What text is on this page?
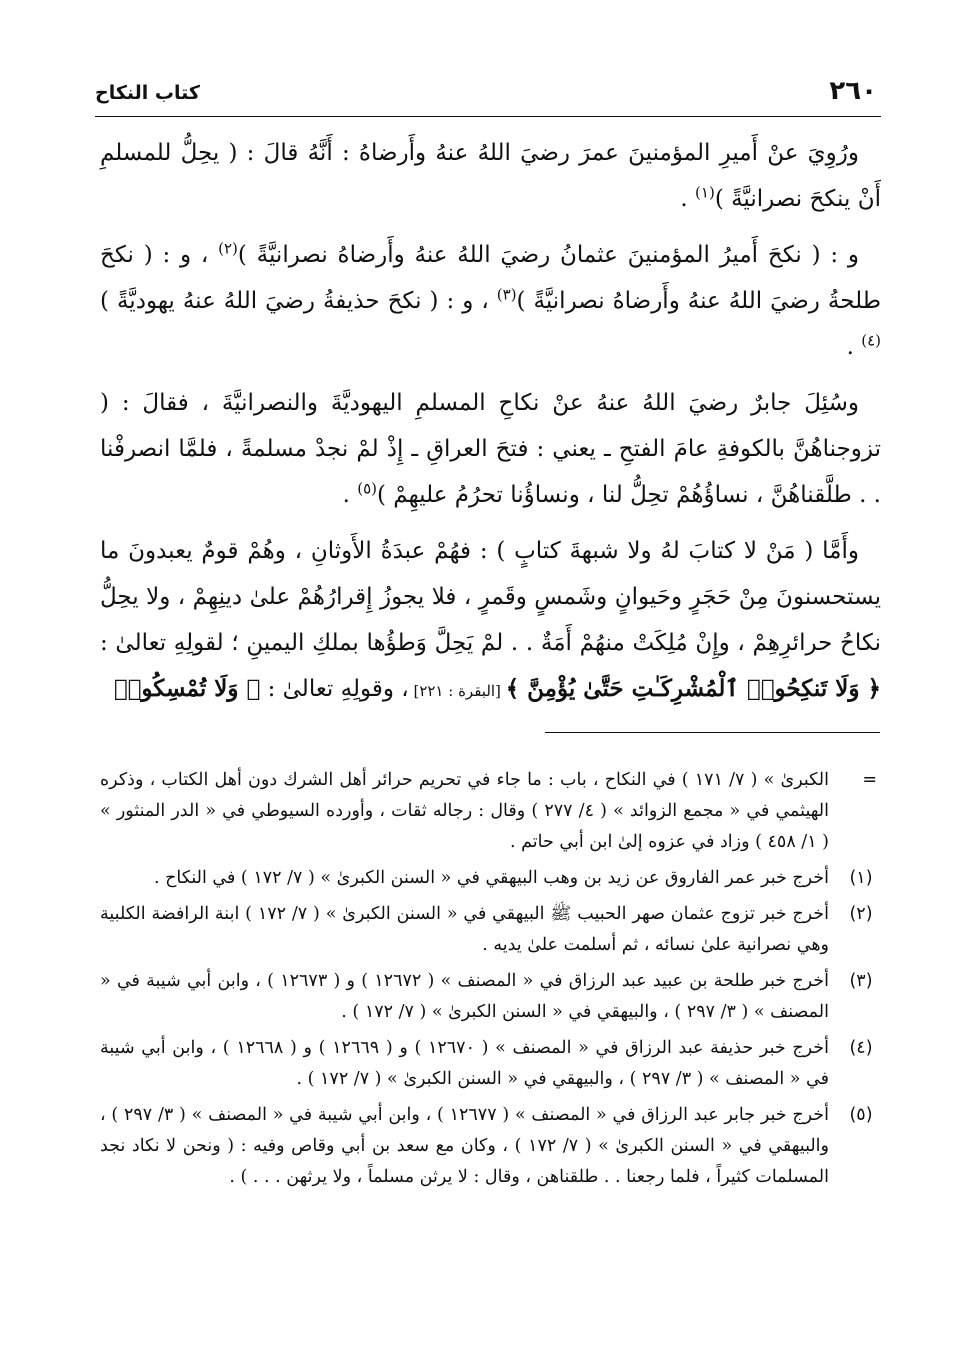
٢٦٠
كتاب النكاح

ورُوِيَ عنْ أَميرِ المؤمنينَ عمرَ رضيَ اللهُ عنهُ وأَرضاهُ : أَنَّهُ قالَ : ( يحِلُّ للمسلمِ أَنْ ينكحَ نصرانيَّةً )$^{(١)}$ .

و : ( نكحَ أَميرُ المؤمنينَ عثمانُ رضيَ اللهُ عنهُ وأَرضاهُ نصرانيَّةً )$^{(٢)}$ ، و : ( نكحَ طلحةُ رضيَ اللهُ عنهُ وأَرضاهُ نصرانيَّةً )$^{(٣)}$ ، و : ( نكحَ حذيفةُ رضيَ اللهُ عنهُ يهوديَّةً )$^{(٤)}$ .

وسُئِلَ جابرٌ رضيَ اللهُ عنهُ عنْ نكاحِ المسلمِ اليهوديَّةَ والنصرانيَّةَ ، فقالَ : ( تزوجناهُنَّ بالكوفةِ عامَ الفتحِ ـ يعني : فتحَ العراقِ ـ إِذْ لمْ نجدْ مسلمةً ، فلمَّا انصرفْنا . . طلَّقناهُنَّ ، نساؤُهُمْ تحِلُّ لنا ، ونساؤُنا تحرُمُ عليهِمْ )$^{(٥)}$ .

وأَمَّا ( مَنْ لا كتابَ لهُ ولا شبهةَ كتابٍ ) : فهُمْ عبدَةُ الأَوثانِ ، وهُمْ قومٌ يعبدونَ ما يستحسنونَ مِنْ حَجَرٍ وحَيوانٍ وشَمسٍ وقَمرٍ ، فلا يجوزُ إِقرارُهُمْ علىٰ دينِهِمْ ، ولا يحِلُّ نكاحُ حرائرِهِمْ ، وإِنْ مُلِكَتْ منهُمْ أَمَةٌ . . لمْ يَحِلَّ وَطؤُها بملكِ اليمينِ ؛ لقولِهِ تعالىٰ : ﴿ وَلَا تَنكِحُوا۟ ٱلْمُشْرِكَـٰتِ حَتَّىٰ يُؤْمِنَّ ﴾ [البقرة : ٢٢١] ، وقولِهِ تعالىٰ : ﴿ وَلَا تُمْسِكُوا۟

=
الكبرىٰ » ( ٧/ ١٧١ ) في النكاح ، باب : ما جاء في تحريم حرائر أهل الشرك دون أهل الكتاب ، وذكره الهيثمي في « مجمع الزوائد » ( ٤/ ٢٧٧ ) وقال : رجاله ثقات ، وأورده السيوطي في « الدر المنثور » ( ١/ ٤٥٨ ) وزاد في عزوه إلىٰ ابن أبي حاتم .
(١)
أخرج خبر عمر الفاروق عن زيد بن وهب البيهقي في « السنن الكبرىٰ » ( ٧/ ١٧٢ ) في النكاح .
(٢)
أخرج خبر تزوج عثمان صهر الحبيب ﷺ البيهقي في « السنن الكبرىٰ » ( ٧/ ١٧٢ ) ابنة الرافضة الكلبية وهي نصرانية علىٰ نسائه ، ثم أسلمت علىٰ يديه .
(٣)
أخرج خبر طلحة بن عبيد عبد الرزاق في « المصنف » ( ١٢٦٧٢ ) و ( ١٢٦٧٣ ) ، وابن أبي شيبة في « المصنف » ( ٣/ ٢٩٧ ) ، والبيهقي في « السنن الكبرىٰ » ( ٧/ ١٧٢ ) .
(٤)
أخرج خبر حذيفة عبد الرزاق في « المصنف » ( ١٢٦٧٠ ) و ( ١٢٦٦٩ ) و ( ١٢٦٦٨ ) ، وابن أبي شيبة في « المصنف » ( ٣/ ٢٩٧ ) ، والبيهقي في « السنن الكبرىٰ » ( ٧/ ١٧٢ ) .
(٥)
أخرج خبر جابر عبد الرزاق في « المصنف » ( ١٢٦٧٧ ) ، وابن أبي شيبة في « المصنف » ( ٣/ ٢٩٧ ) ، والبيهقي في « السنن الكبرىٰ » ( ٧/ ١٧٢ ) ، وكان مع سعد بن أبي وقاص وفيه : ( ونحن لا نكاد نجد المسلمات كثيراً ، فلما رجعنا . . طلقناهن ، وقال : لا يرثن مسلماً ، ولا يرثهن . . . ) .
